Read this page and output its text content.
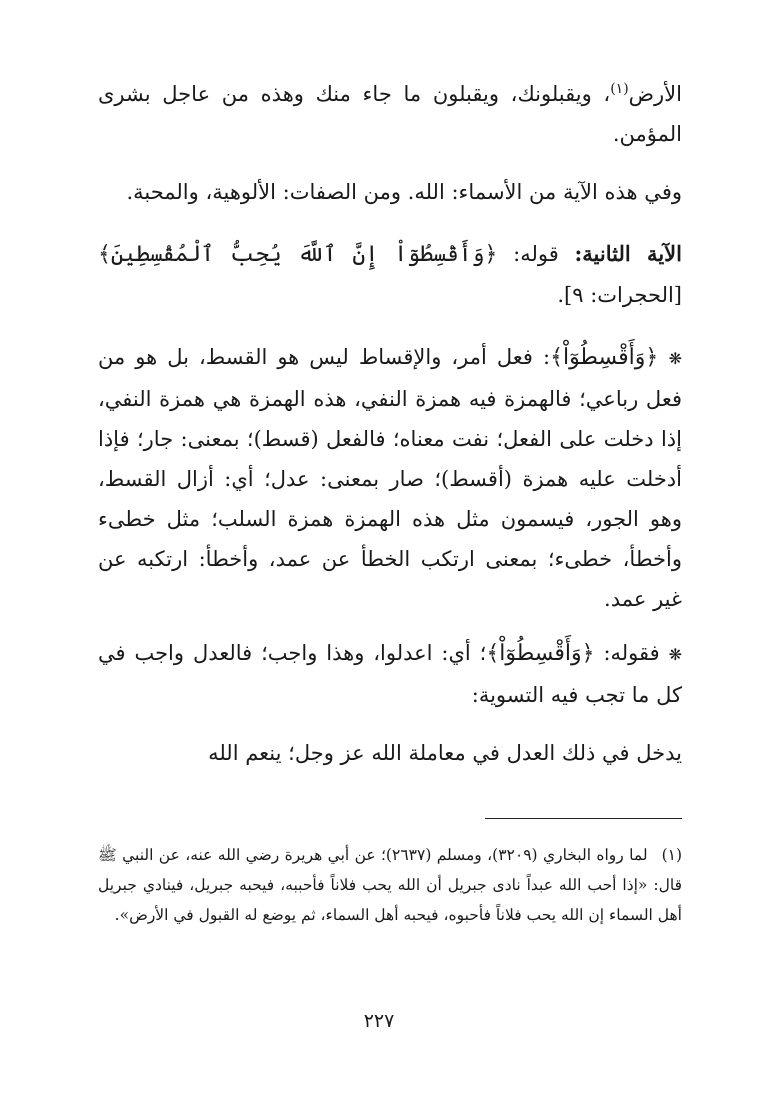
الأرض$^{(١)}$، ويقبلونك، ويقبلون ما جاء منك وهذه من عاجل بشرى المؤمن.

وفي هذه الآية من الأسماء: الله. ومن الصفات: الألوهية، والمحبة.

الآية الثانية: قوله: ﴿وَأَقْسِطُوٓاْ إِنَّ ٱللَّهَ يُحِبُّ ٱلْمُقْسِطِينَ﴾ [الحجرات: ٩].

❋ ﴿وَأَقْسِطُوٓاْ﴾: فعل أمر، والإقساط ليس هو القسط، بل هو من فعل رباعي؛ فالهمزة فيه همزة النفي، هذه الهمزة هي همزة النفي، إذا دخلت على الفعل؛ نفت معناه؛ فالفعل (قسط)؛ بمعنى: جار؛ فإذا أدخلت عليه همزة (أقسط)؛ صار بمعنى: عدل؛ أي: أزال القسط، وهو الجور، فيسمون مثل هذه الهمزة همزة السلب؛ مثل خطىء وأخطأ، خطىء؛ بمعنى ارتكب الخطأ عن عمد، وأخطأ: ارتكبه عن غير عمد.

❋ فقوله: ﴿وَأَقْسِطُوٓاْ﴾؛ أي: اعدلوا، وهذا واجب؛ فالعدل واجب في كل ما تجب فيه التسوية:

يدخل في ذلك العدل في معاملة الله عز وجل؛ ينعم الله

(١)لما رواه البخاري (٣٢٠٩)، ومسلم (٢٦٣٧)؛ عن أبي هريرة رضي الله عنه، عن النبي ﷺ قال: «إذا أحب الله عبداً نادى جبريل أن الله يحب فلاناً فأحببه، فيحبه جبريل، فينادي جبريل أهل السماء إن الله يحب فلاناً فأحبوه، فيحبه أهل السماء، ثم يوضع له القبول في الأرض».

٢٢٧
